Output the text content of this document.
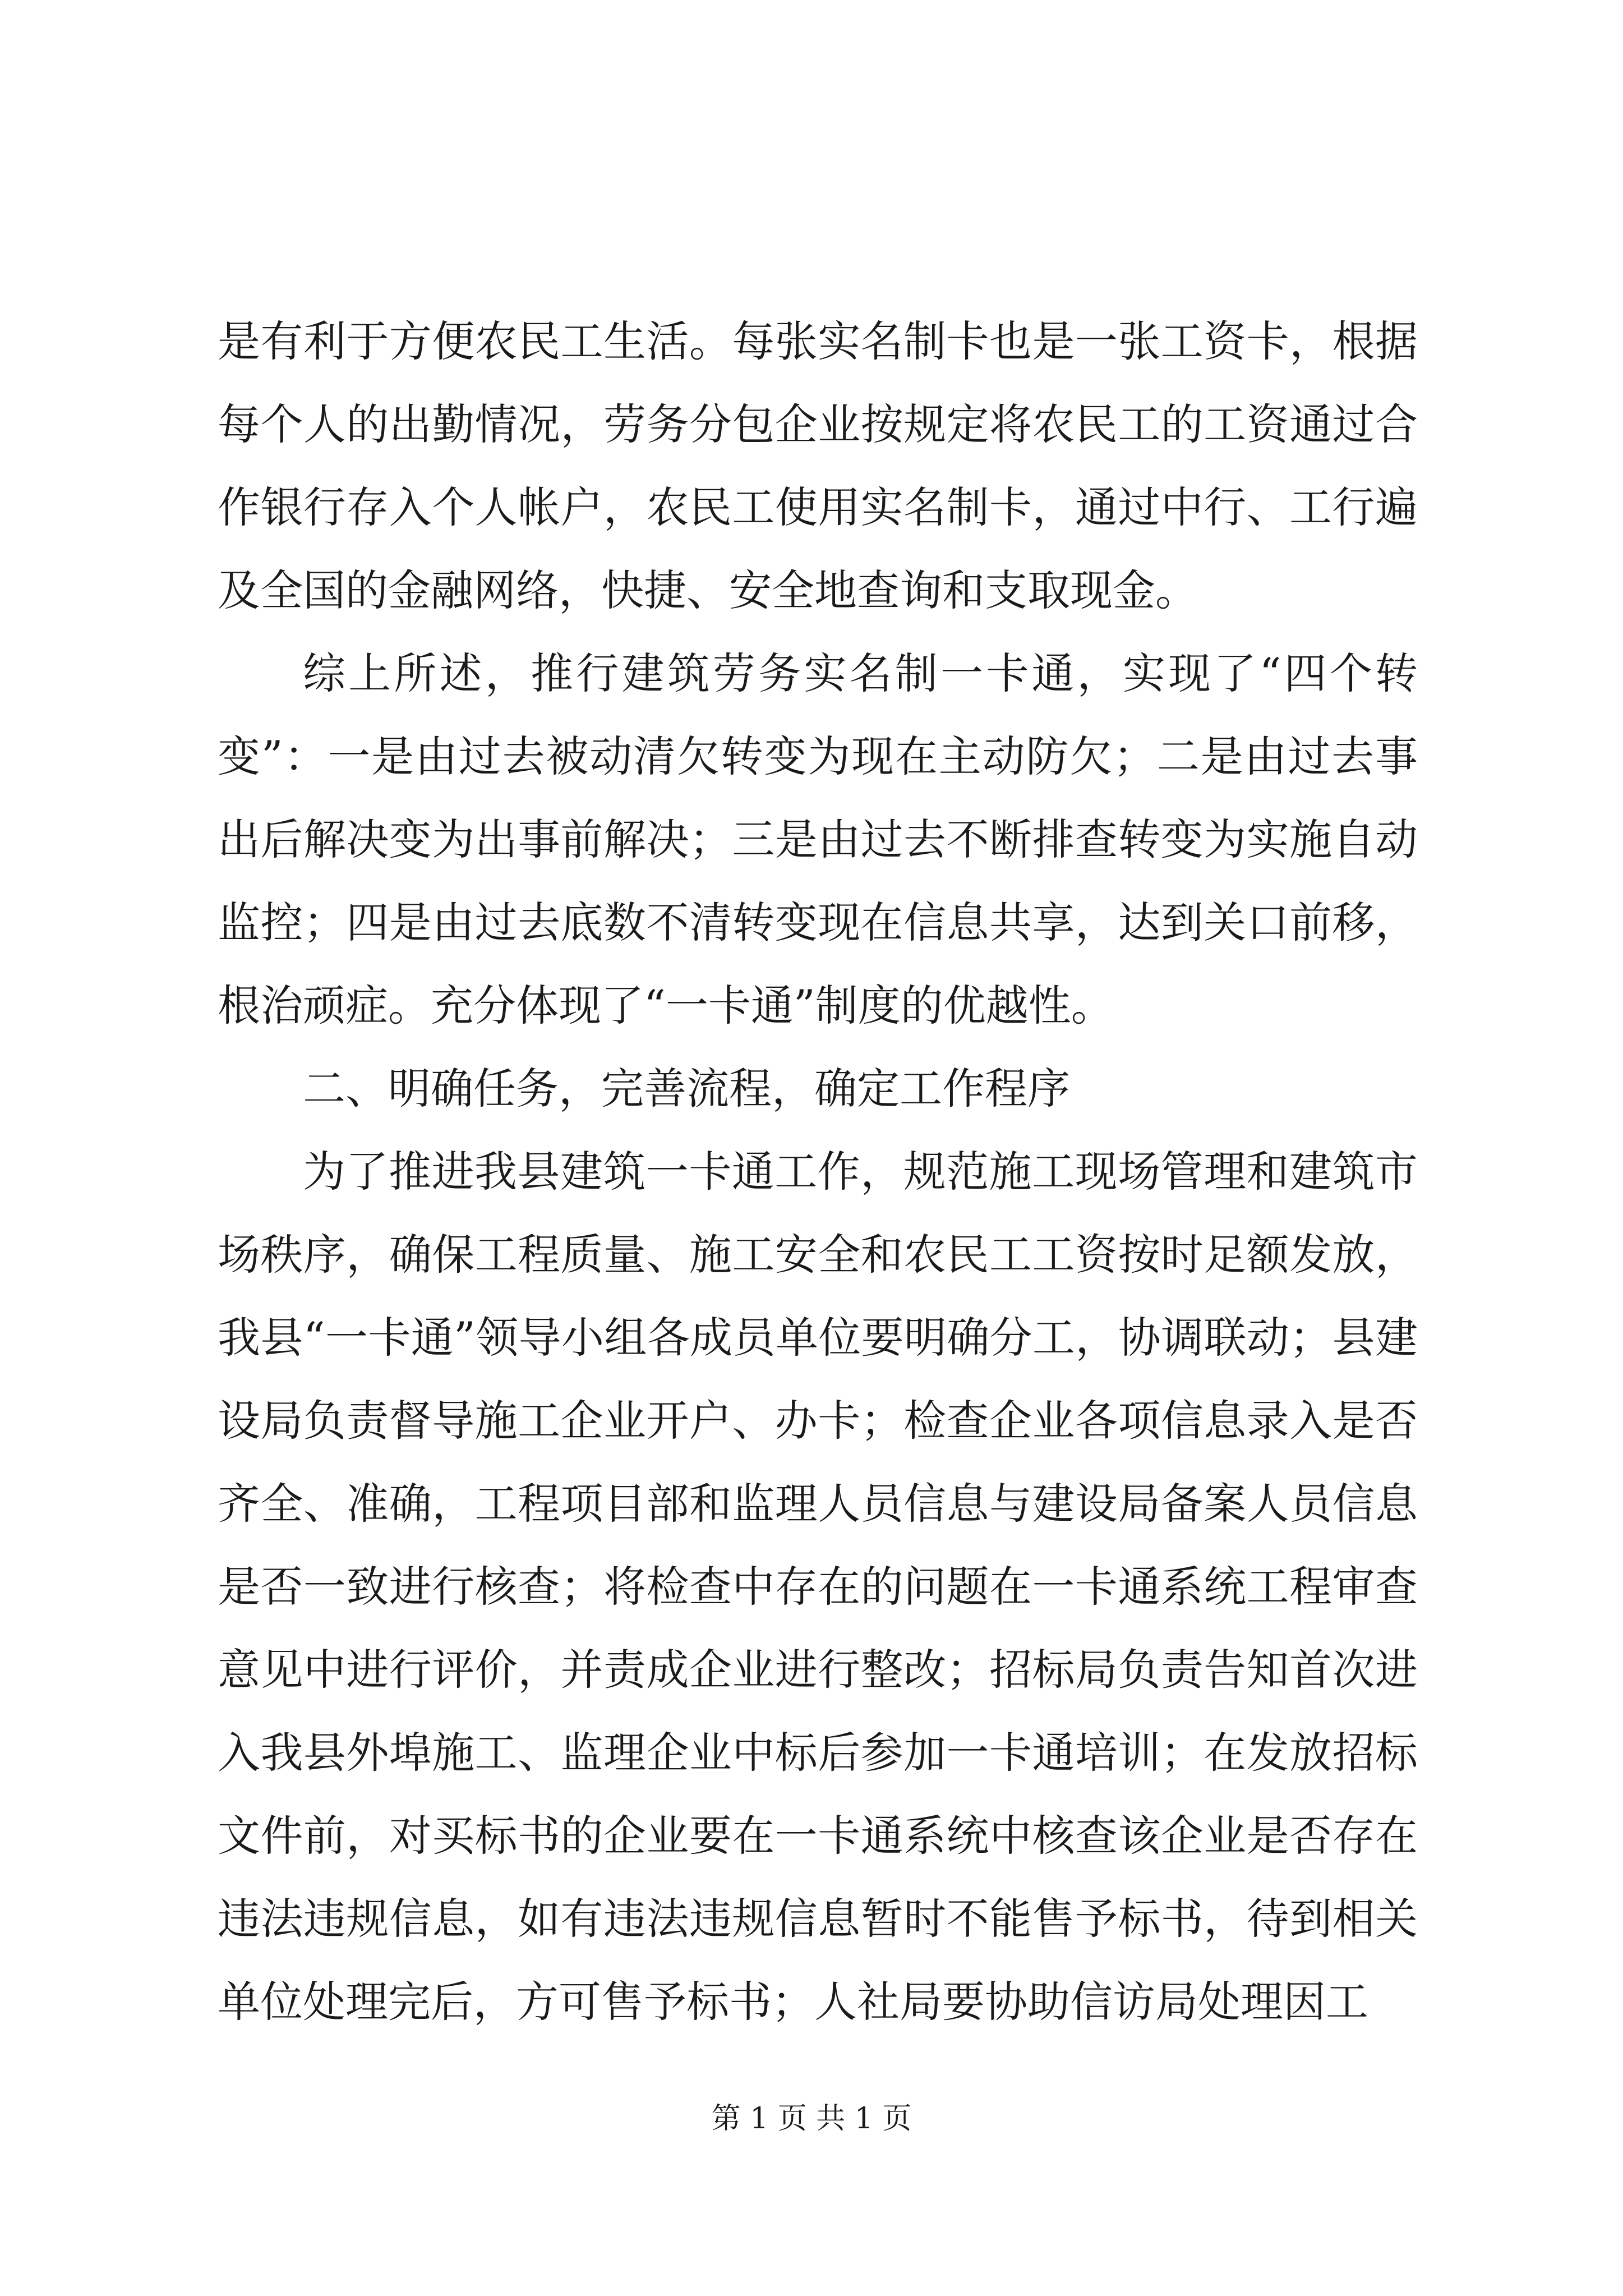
是有利于方便农民工生活。每张实名制卡也是一张工资卡，根据每个人的出勤情况，劳务分包企业按规定将农民工的工资通过合作银行存入个人帐户，农民工使用实名制卡，通过中行、工行遍及全国的金融网络，快捷、安全地查询和支取现金。

综上所述，推行建筑劳务实名制一卡通，实现了“四个转变”：一是由过去被动清欠转变为现在主动防欠；二是由过去事出后解决变为出事前解决；三是由过去不断排查转变为实施自动监控；四是由过去底数不清转变现在信息共享，达到关口前移，根治顽症。充分体现了“一卡通”制度的优越性。

二、明确任务，完善流程，确定工作程序

为了推进我县建筑一卡通工作，规范施工现场管理和建筑市场秩序，确保工程质量、施工安全和农民工工资按时足额发放，我县“一卡通”领导小组各成员单位要明确分工，协调联动；县建设局负责督导施工企业开户、办卡；检查企业各项信息录入是否齐全、准确，工程项目部和监理人员信息与建设局备案人员信息是否一致进行核查；将检查中存在的问题在一卡通系统工程审查意见中进行评价，并责成企业进行整改；招标局负责告知首次进入我县外埠施工、监理企业中标后参加一卡通培训；在发放招标文件前，对买标书的企业要在一卡通系统中核查该企业是否存在违法违规信息，如有违法违规信息暂时不能售予标书，待到相关单位处理完后，方可售予标书；人社局要协助信访局处理因工

第 1 页 共 1 页
